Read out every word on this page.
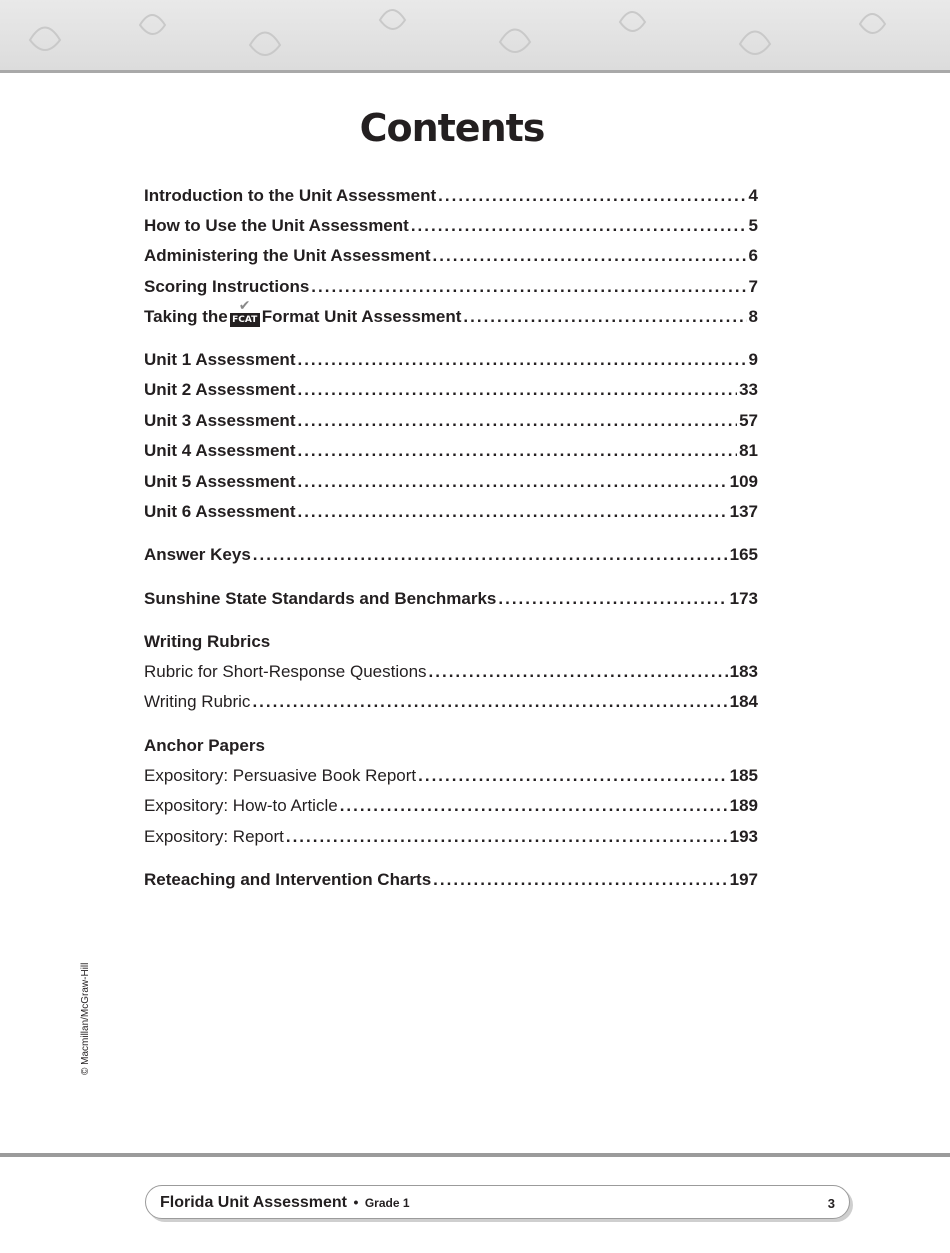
Contents
Introduction to the Unit Assessment .....	4
How to Use the Unit Assessment .....	5
Administering the Unit Assessment .....	6
Scoring Instructions .....	7
Taking the
✔
FCAT Format Unit Assessment .....	8
Unit 1 Assessment .....	9
Unit 2 Assessment .....	33
Unit 3 Assessment .....	57
Unit 4 Assessment .....	81
Unit 5 Assessment .....	109
Unit 6 Assessment .....	137
Answer Keys .....	165
Sunshine State Standards and Benchmarks .....	173
Writing Rubrics
Rubric for Short-Response Questions .....	183
Writing Rubric .....	184
Anchor Papers
Expository: Persuasive Book Report .....	185
Expository: How-to Article .....	189
Expository: Report .....	193
Reteaching and Intervention Charts .....	197
© Macmillan/McGraw-Hill
Florida Unit Assessment • Grade 1	3
